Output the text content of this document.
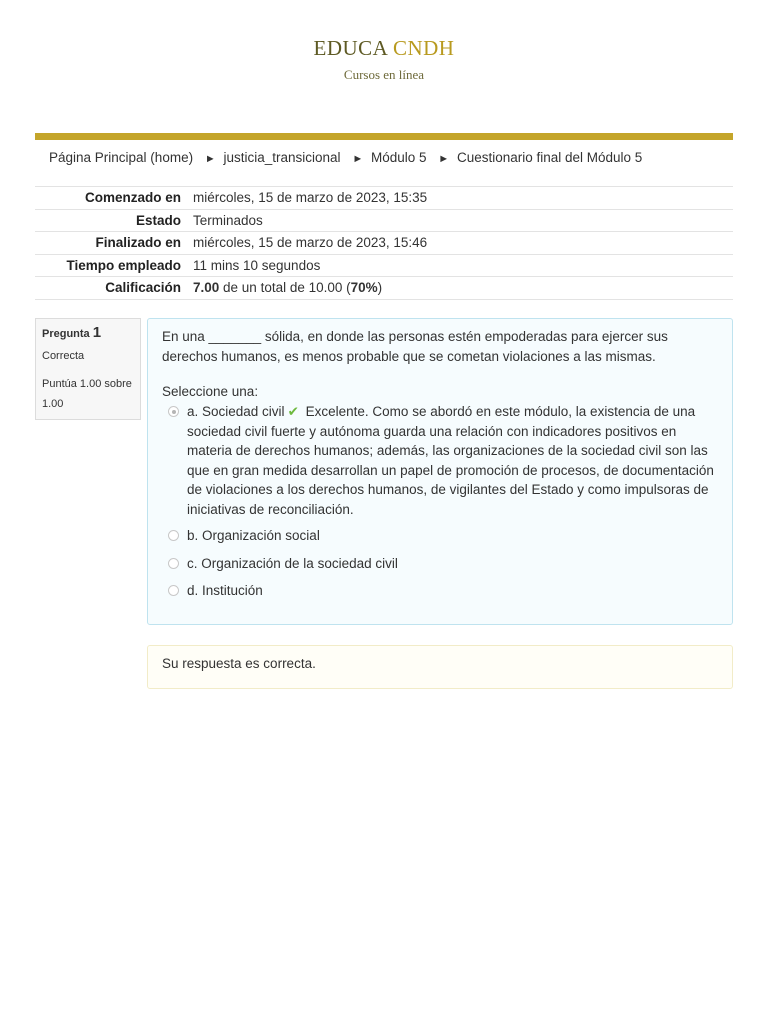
EDUCA CNDH
Cursos en línea
Página Principal (home) ► justicia_transicional ► Módulo 5 ► Cuestionario final del Módulo 5
Comenzado en	miércoles, 15 de marzo de 2023, 15:35
Estado	Terminados
Finalizado en	miércoles, 15 de marzo de 2023, 15:46
Tiempo empleado	11 mins 10 segundos
Calificación	7.00 de un total de 10.00 (70%)
Pregunta 1
Correcta
Puntúa 1.00 sobre 1.00
En una _______ sólida, en donde las personas estén empoderadas para ejercer sus derechos humanos, es menos probable que se cometan violaciones a las mismas.
Seleccione una:
a. Sociedad civil ✔ Excelente. Como se abordó en este módulo, la existencia de una sociedad civil fuerte y autónoma guarda una relación con indicadores positivos en materia de derechos humanos; además, las organizaciones de la sociedad civil son las que en gran medida desarrollan un papel de promoción de procesos, de documentación de violaciones a los derechos humanos, de vigilantes del Estado y como impulsoras de iniciativas de reconciliación.
b. Organización social
c. Organización de la sociedad civil
d. Institución
Su respuesta es correcta.
